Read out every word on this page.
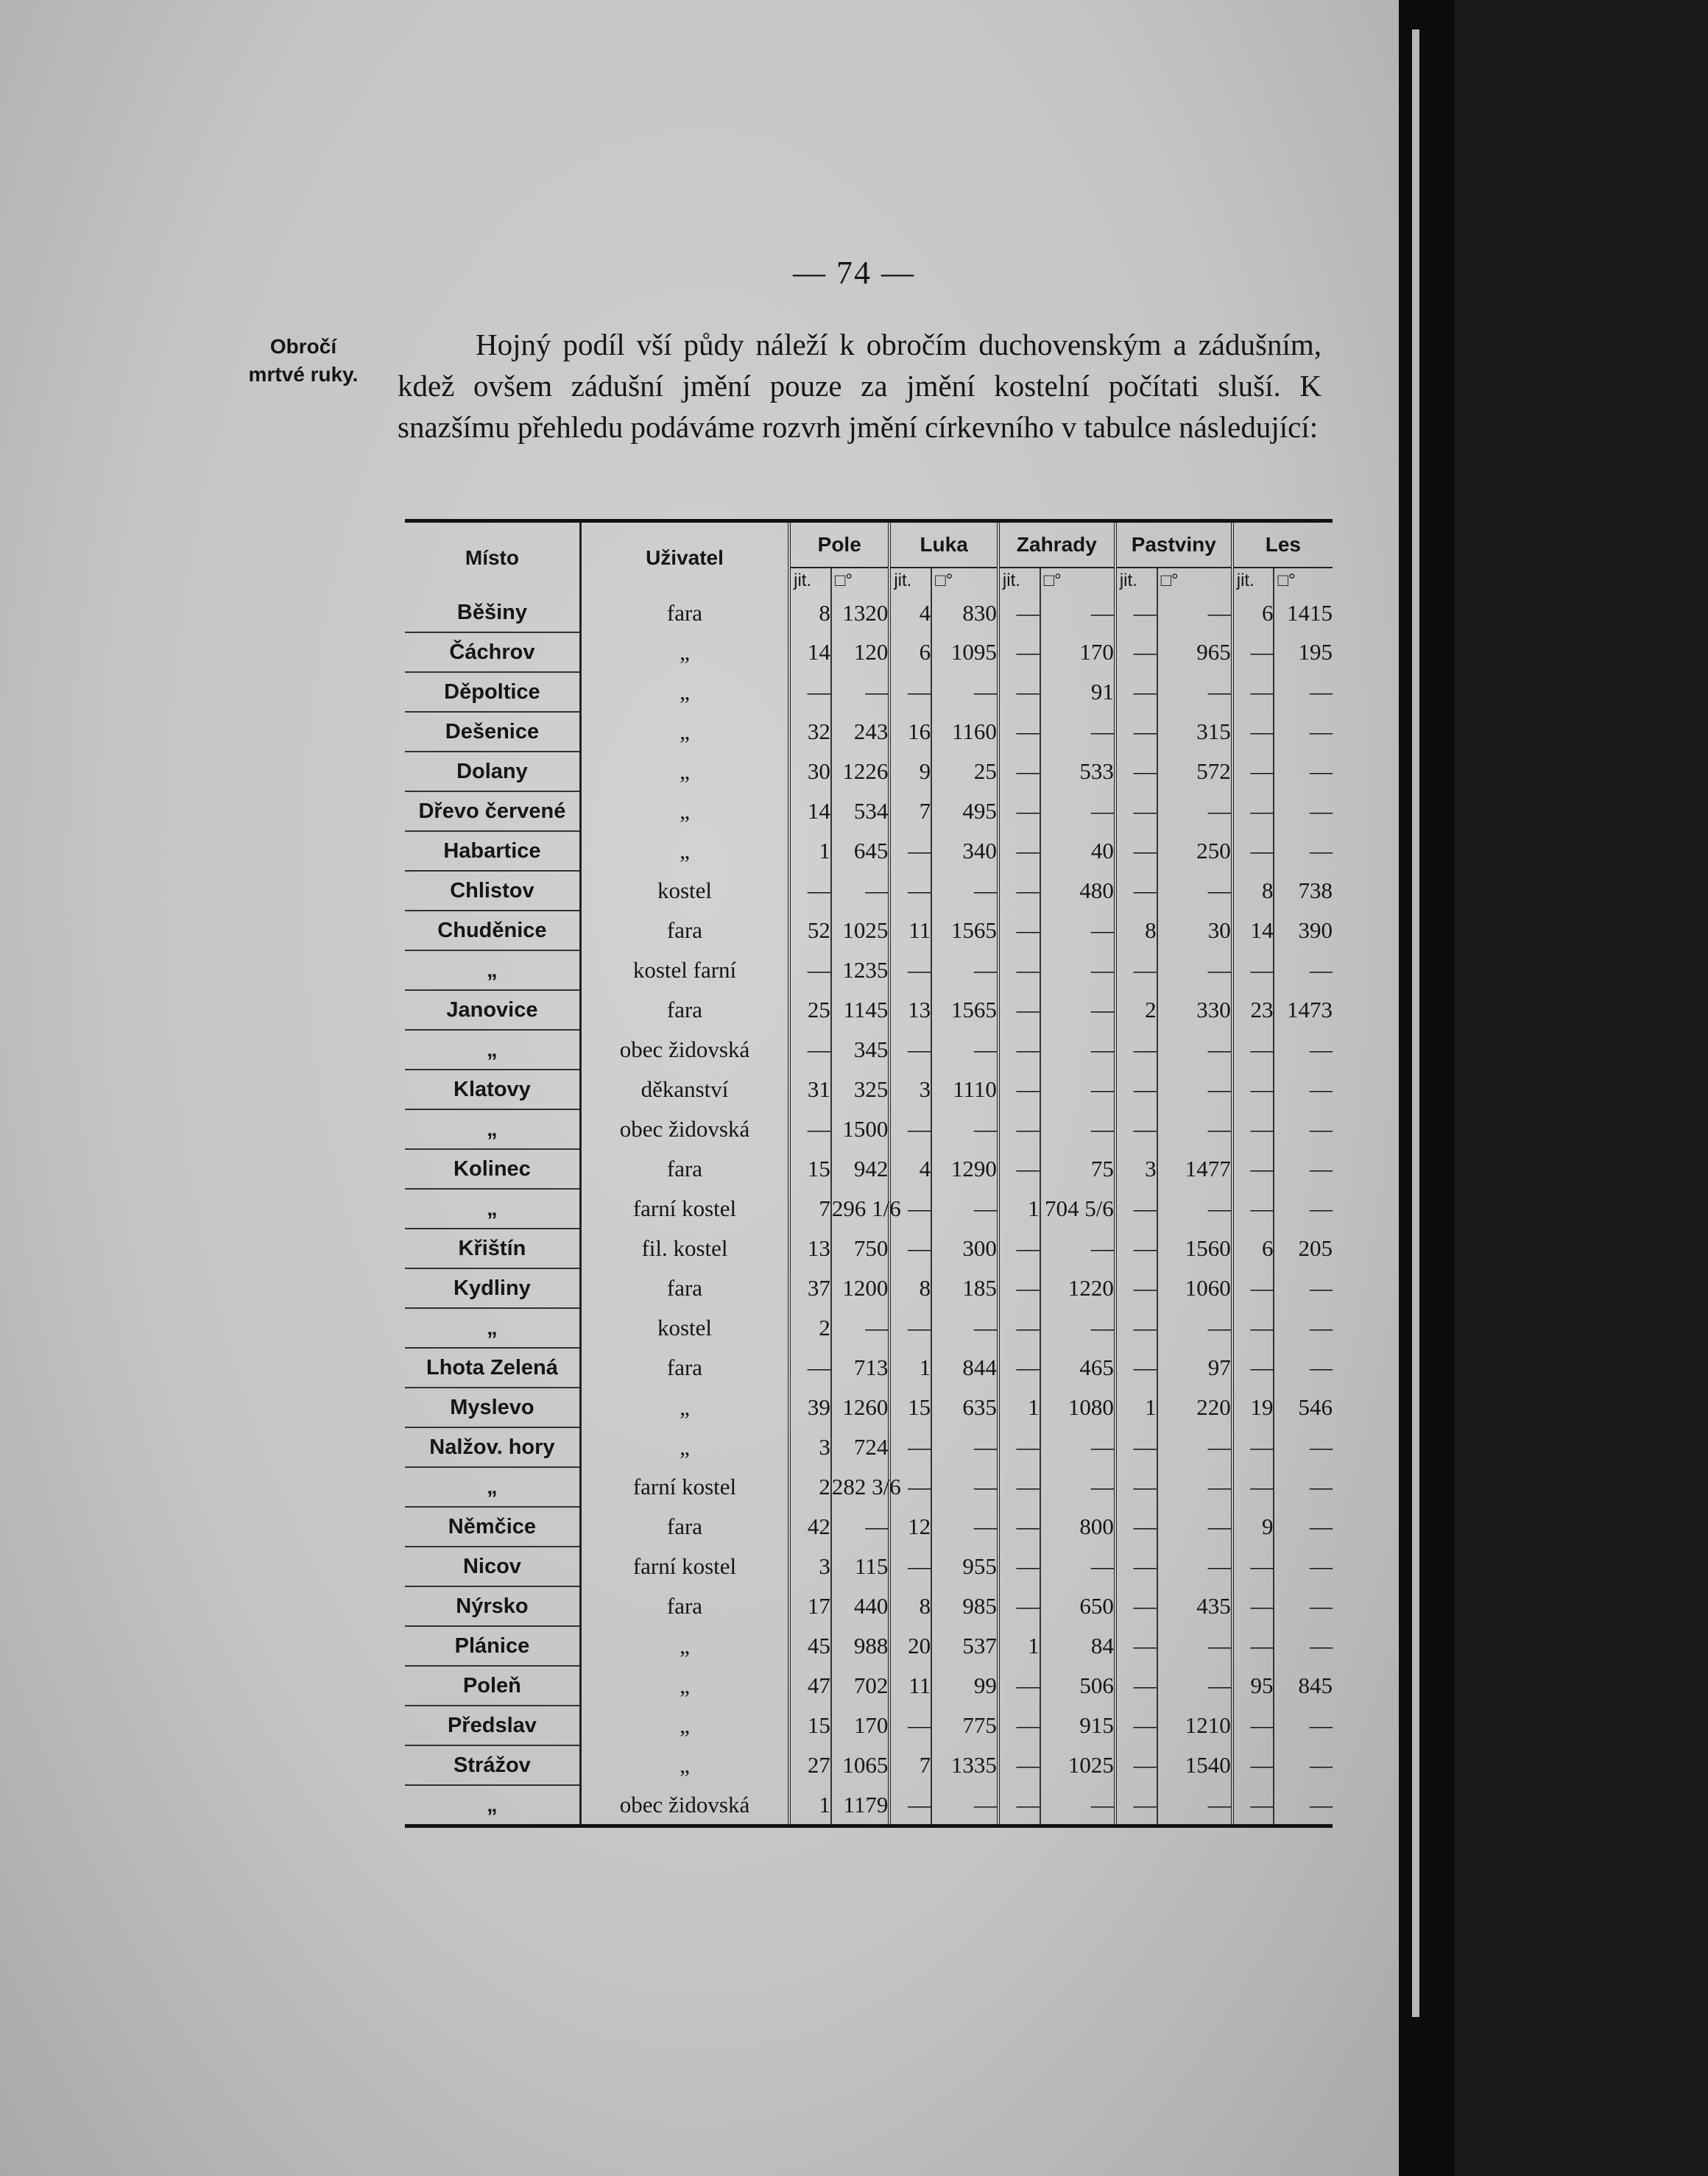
— 74 —
Obročí
mrtvé ruky.

Hojný podíl vší půdy náleží k obročím duchovenským a zádušním, kdež ovšem zádušní jmění pouze za jmění kostelní počítati sluší. K snazšímu přehledu podáváme rozvrh jmění církevního v tabulce následující:

Místo	Uživatel	Pole		Luka		Zahrady		Pastviny		Les	
		jit.	□°	jit.	□°	jit.	□°	jit.	□°	jit.	□°
Běšiny	fara	8	1320	4	830	—	—	—	—	6	1415
Čáchrov	„	14	120	6	1095	—	170	—	965	—	195
Děpoltice	„	—	—	—	—	—	91	—	—	—	—
Dešenice	„	32	243	16	1160	—	—	—	315	—	—
Dolany	„	30	1226	9	25	—	533	—	572	—	—
Dřevo červené	„	14	534	7	495	—	—	—	—	—	—
Habartice	„	1	645	—	340	—	40	—	250	—	—
Chlistov	kostel	—	—	—	—	—	480	—	—	8	738
Chuděnice	fara	52	1025	11	1565	—	—	8	30	14	390
„	kostel farní	—	1235	—	—	—	—	—	—	—	—
Janovice	fara	25	1145	13	1565	—	—	2	330	23	1473
„	obec židovská	—	345	—	—	—	—	—	—	—	—
Klatovy	děkanství	31	325	3	1110	—	—	—	—	—	—
„	obec židovská	—	1500	—	—	—	—	—	—	—	—
Kolinec	fara	15	942	4	1290	—	75	3	1477	—	—
„	farní kostel	7	296 1/6	—	—	1	704 5/6	—	—	—	—
Křištín	fil. kostel	13	750	—	300	—	—	—	1560	6	205
Kydliny	fara	37	1200	8	185	—	1220	—	1060	—	—
„	kostel	2	—	—	—	—	—	—	—	—	—
Lhota Zelená	fara	—	713	1	844	—	465	—	97	—	—
Myslevo	„	39	1260	15	635	1	1080	1	220	19	546
Nalžov. hory	„	3	724	—	—	—	—	—	—	—	—
„	farní kostel	2	282 3/6	—	—	—	—	—	—	—	—
Němčice	fara	42	—	12	—	—	800	—	—	9	—
Nicov	farní kostel	3	115	—	955	—	—	—	—	—	—
Nýrsko	fara	17	440	8	985	—	650	—	435	—	—
Plánice	„	45	988	20	537	1	84	—	—	—	—
Poleň	„	47	702	11	99	—	506	—	—	95	845
Předslav	„	15	170	—	775	—	915	—	1210	—	—
Strážov	„	27	1065	7	1335	—	1025	—	1540	—	—
„	obec židovská	1	1179	—	—	—	—	—	—	—	—
